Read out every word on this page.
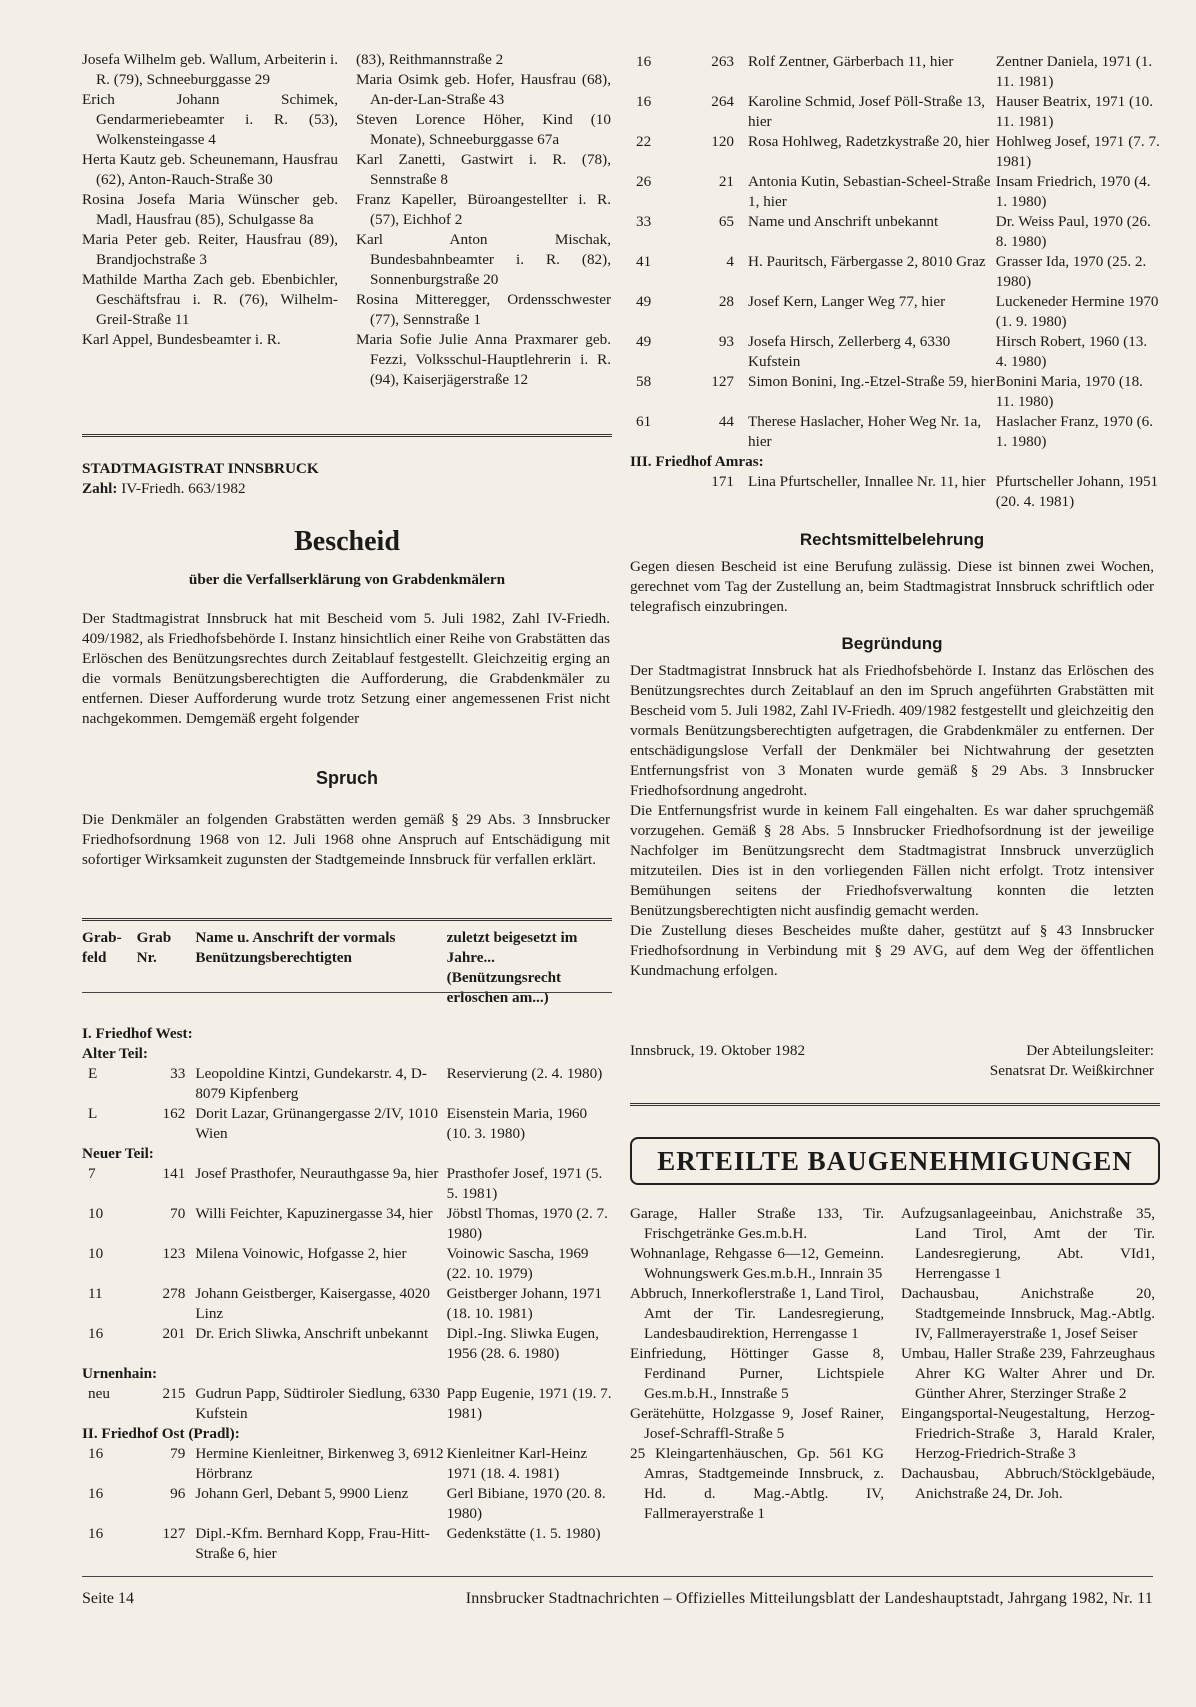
Josefa Wilhelm geb. Wallum, Arbeiterin i. R. (79), Schneeburggasse 29

Erich Johann Schimek, Gendarmeriebeamter i. R. (53), Wolkensteingasse 4

Herta Kautz geb. Scheunemann, Hausfrau (62), Anton-Rauch-Straße 30

Rosina Josefa Maria Wünscher geb. Madl, Hausfrau (85), Schulgasse 8a

Maria Peter geb. Reiter, Hausfrau (89), Brandjochstraße 3

Mathilde Martha Zach geb. Ebenbichler, Geschäftsfrau i. R. (76), Wilhelm-Greil-Straße 11

Karl Appel, Bundesbeamter i. R.

(83), Reithmannstraße 2

Maria Osimk geb. Hofer, Hausfrau (68), An-der-Lan-Straße 43

Steven Lorence Höher, Kind (10 Monate), Schneeburggasse 67a

Karl Zanetti, Gastwirt i. R. (78), Sennstraße 8

Franz Kapeller, Büroangestellter i. R. (57), Eichhof 2

Karl Anton Mischak, Bundesbahnbeamter i. R. (82), Sonnenburgstraße 20

Rosina Mitteregger, Ordensschwester (77), Sennstraße 1

Maria Sofie Julie Anna Praxmarer geb. Fezzi, Volksschul-Hauptlehrerin i. R. (94), Kaiserjägerstraße 12

STADTMAGISTRAT INNSBRUCK
Zahl: IV-Friedh. 663/1982
Bescheid
über die Verfallserklärung von Grabdenkmälern

Der Stadtmagistrat Innsbruck hat mit Bescheid vom 5. Juli 1982, Zahl IV-Friedh. 409/1982, als Friedhofsbehörde I. Instanz hinsichtlich einer Reihe von Grabstätten das Erlöschen des Benützungsrechtes durch Zeitablauf festgestellt. Gleichzeitig erging an die vormals Benützungsberechtigten die Aufforderung, die Grabdenkmäler zu entfernen. Dieser Aufforderung wurde trotz Setzung einer angemessenen Frist nicht nachgekommen. Demgemäß ergeht folgender

Spruch

Die Denkmäler an folgenden Grabstätten werden gemäß § 29 Abs. 3 Innsbrucker Friedhofsordnung 1968 von 12. Juli 1968 ohne Anspruch auf Entschädigung mit sofortiger Wirksamkeit zugunsten der Stadtgemeinde Innsbruck für verfallen erklärt.

Grab- feld	Grab Nr.	Name u. Anschrift der vormals Benützungsberechtigten	zuletzt beigesetzt im Jahre... (Benützungsrecht erloschen am...)
I. Friedhof West:			
Alter Teil:			
E	33	Leopoldine Kintzi, Gundekarstr. 4, D-8079 Kipfenberg	Reservierung (2. 4. 1980)
L	162	Dorit Lazar, Grünangergasse 2/IV, 1010 Wien	Eisenstein Maria, 1960 (10. 3. 1980)
Neuer Teil:			
7	141	Josef Prasthofer, Neurauthgasse 9a, hier	Prasthofer Josef, 1971 (5. 5. 1981)
10	70	Willi Feichter, Kapuzinergasse 34, hier	Jöbstl Thomas, 1970 (2. 7. 1980)
10	123	Milena Voinowic, Hofgasse 2, hier	Voinowic Sascha, 1969 (22. 10. 1979)
11	278	Johann Geistberger, Kaisergasse, 4020 Linz	Geistberger Johann, 1971 (18. 10. 1981)
16	201	Dr. Erich Sliwka, Anschrift unbekannt	Dipl.-Ing. Sliwka Eugen, 1956 (28. 6. 1980)
Urnenhain:			
neu	215	Gudrun Papp, Südtiroler Siedlung, 6330 Kufstein	Papp Eugenie, 1971 (19. 7. 1981)
II. Friedhof Ost (Pradl):			
16	79	Hermine Kienleitner, Birkenweg 3, 6912 Hörbranz	Kienleitner Karl-Heinz 1971 (18. 4. 1981)
16	96	Johann Gerl, Debant 5, 9900 Lienz	Gerl Bibiane, 1970 (20. 8. 1980)
16	127	Dipl.-Kfm. Bernhard Kopp, Frau-Hitt-Straße 6, hier	Gedenkstätte (1. 5. 1980)
16	263	Rolf Zentner, Gärberbach 11, hier	Zentner Daniela, 1971 (1. 11. 1981)
16	264	Karoline Schmid, Josef Pöll-Straße 13, hier	Hauser Beatrix, 1971 (10. 11. 1981)
22	120	Rosa Hohlweg, Radetzkystraße 20, hier	Hohlweg Josef, 1971 (7. 7. 1981)
26	21	Antonia Kutin, Sebastian-Scheel-Straße 1, hier	Insam Friedrich, 1970 (4. 1. 1980)
33	65	Name und Anschrift unbekannt	Dr. Weiss Paul, 1970 (26. 8. 1980)
41	4	H. Pauritsch, Färbergasse 2, 8010 Graz	Grasser Ida, 1970 (25. 2. 1980)
49	28	Josef Kern, Langer Weg 77, hier	Luckeneder Hermine 1970 (1. 9. 1980)
49	93	Josefa Hirsch, Zellerberg 4, 6330 Kufstein	Hirsch Robert, 1960 (13. 4. 1980)
58	127	Simon Bonini, Ing.-Etzel-Straße 59, hier	Bonini Maria, 1970 (18. 11. 1980)
61	44	Therese Haslacher, Hoher Weg Nr. 1a, hier	Haslacher Franz, 1970 (6. 1. 1980)
III. Friedhof Amras:			
	171	Lina Pfurtscheller, Innallee Nr. 11, hier	Pfurtscheller Johann, 1951 (20. 4. 1981)
Rechtsmittelbelehrung

Gegen diesen Bescheid ist eine Berufung zulässig. Diese ist binnen zwei Wochen, gerechnet vom Tag der Zustellung an, beim Stadtmagistrat Innsbruck schriftlich oder telegrafisch einzubringen.

Begründung

Der Stadtmagistrat Innsbruck hat als Friedhofsbehörde I. Instanz das Erlöschen des Benützungsrechtes durch Zeitablauf an den im Spruch angeführten Grabstätten mit Bescheid vom 5. Juli 1982, Zahl IV-Friedh. 409/1982 festgestellt und gleichzeitig den vormals Benützungsberechtigten aufgetragen, die Grabdenkmäler zu entfernen. Der entschädigungslose Verfall der Denkmäler bei Nichtwahrung der gesetzten Entfernungsfrist von 3 Monaten wurde gemäß § 29 Abs. 3 Innsbrucker Friedhofsordnung angedroht.

Die Entfernungsfrist wurde in keinem Fall eingehalten. Es war daher spruchgemäß vorzugehen. Gemäß § 28 Abs. 5 Innsbrucker Friedhofsordnung ist der jeweilige Nachfolger im Benützungsrecht dem Stadtmagistrat Innsbruck unverzüglich mitzuteilen. Dies ist in den vorliegenden Fällen nicht erfolgt. Trotz intensiver Bemühungen seitens der Friedhofsverwaltung konnten die letzten Benützungsberechtigten nicht ausfindig gemacht werden.

Die Zustellung dieses Bescheides mußte daher, gestützt auf § 43 Innsbrucker Friedhofsordnung in Verbindung mit § 29 AVG, auf dem Weg der öffentlichen Kundmachung erfolgen.

Innsbruck, 19. Oktober 1982	Der Abteilungsleiter:
Senatsrat Dr. Weißkirchner
ERTEILTE BAUGENEHMIGUNGEN

Garage, Haller Straße 133, Tir. Frischgetränke Ges.m.b.H.

Wohnanlage, Rehgasse 6—12, Gemeinn. Wohnungswerk Ges.m.b.H., Innrain 35

Abbruch, Innerkoflerstraße 1, Land Tirol, Amt der Tir. Landesregierung, Landesbaudirektion, Herrengasse 1

Einfriedung, Höttinger Gasse 8, Ferdinand Purner, Lichtspiele Ges.m.b.H., Innstraße 5

Gerätehütte, Holzgasse 9, Josef Rainer, Josef-Schraffl-Straße 5

25 Kleingartenhäuschen, Gp. 561 KG Amras, Stadtgemeinde Innsbruck, z. Hd. d. Mag.-Abtlg. IV, Fallmerayerstraße 1

Aufzugsanlageeinbau, Anichstraße 35, Land Tirol, Amt der Tir. Landesregierung, Abt. VId1, Herrengasse 1

Dachausbau, Anichstraße 20, Stadtgemeinde Innsbruck, Mag.-Abtlg. IV, Fallmerayerstraße 1, Josef Seiser

Umbau, Haller Straße 239, Fahrzeughaus Ahrer KG Walter Ahrer und Dr. Günther Ahrer, Sterzinger Straße 2

Eingangsportal-Neugestaltung, Herzog-Friedrich-Straße 3, Harald Kraler, Herzog-Friedrich-Straße 3

Dachausbau, Abbruch/Stöcklgebäude, Anichstraße 24, Dr. Joh.

Seite 14	Innsbrucker Stadtnachrichten – Offizielles Mitteilungsblatt der Landeshauptstadt, Jahrgang 1982, Nr. 11
